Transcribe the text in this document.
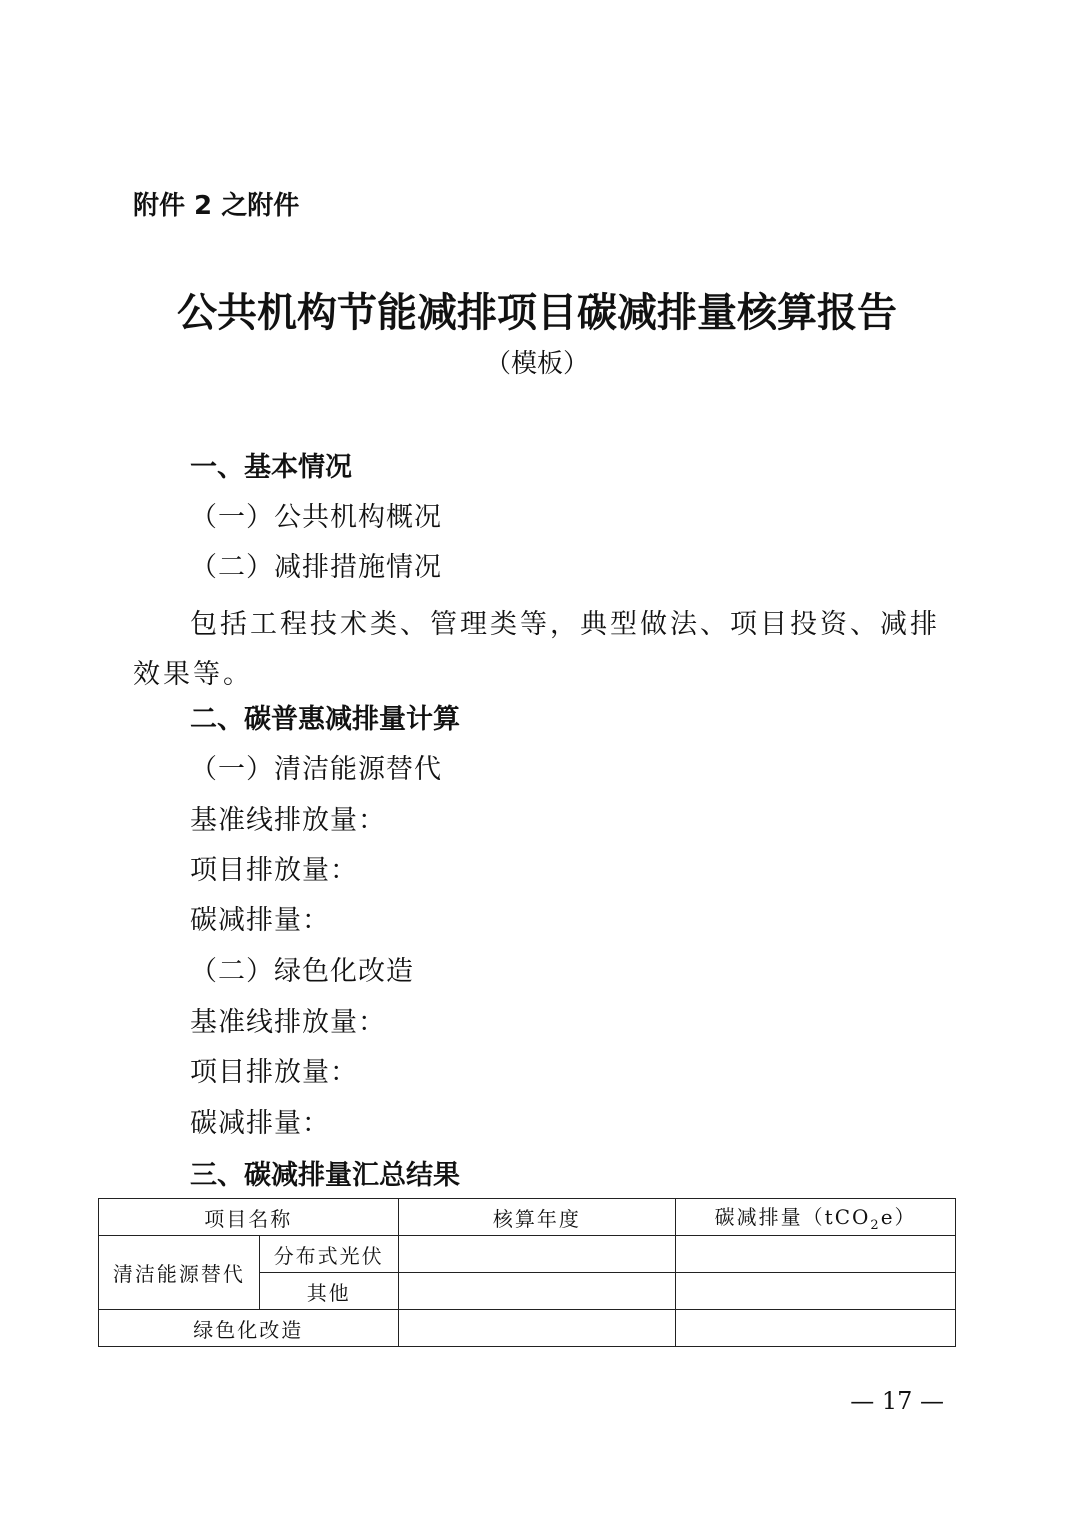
附件 2 之附件
公共机构节能减排项目碳减排量核算报告
（模板）
一、基本情况
（一）公共机构概况
（二）减排措施情况
包括工程技术类、管理类等，典型做法、项目投资、减排效果等。
二、碳普惠减排量计算
（一）清洁能源替代
基准线排放量：
项目排放量：
碳减排量：
（二）绿色化改造
基准线排放量：
项目排放量：
碳减排量：
三、碳减排量汇总结果
项目名称		核算年度	碳减排量（tCO$_2$e）
清洁能源替代	分布式光伏		
	其他		
绿色化改造			
— 17 —
